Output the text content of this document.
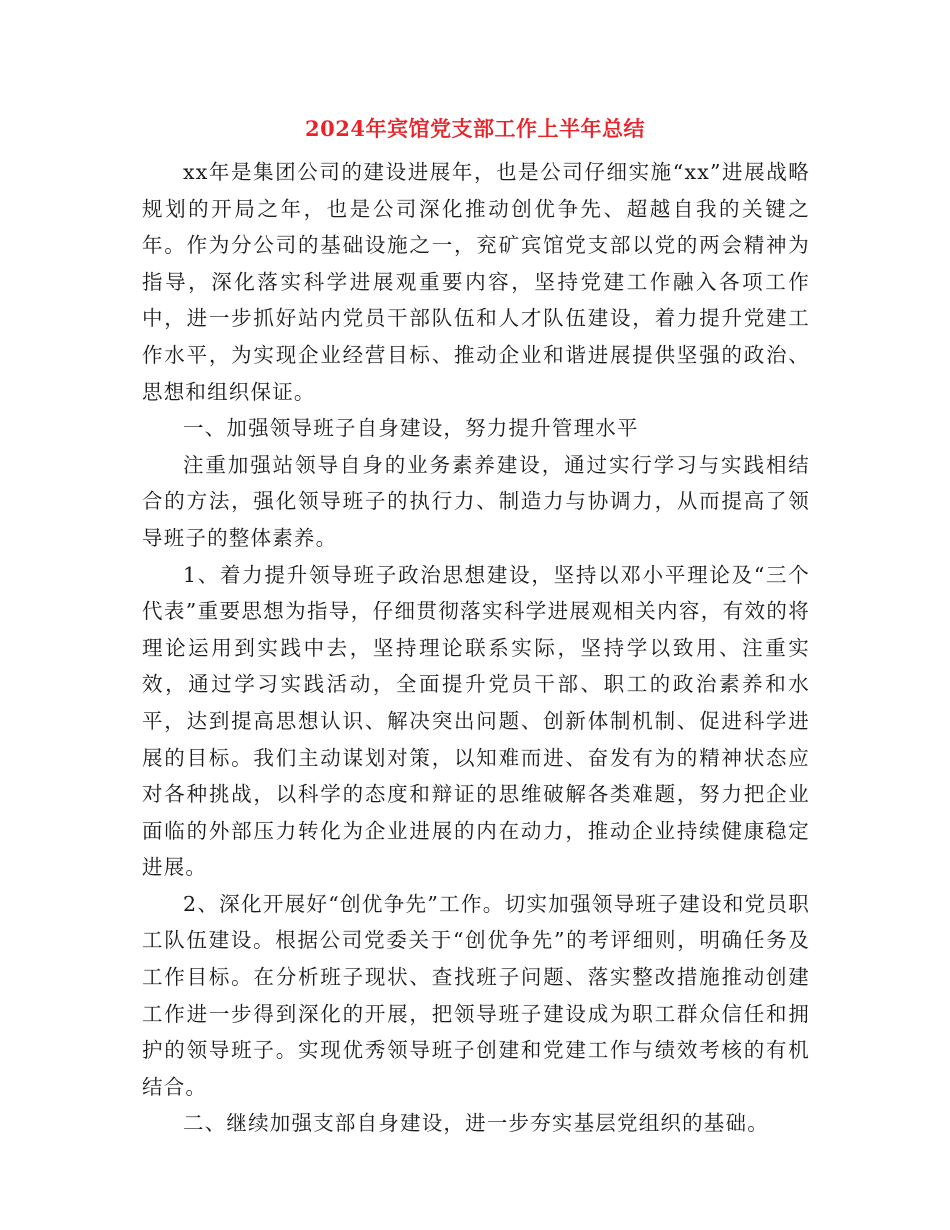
2024年宾馆党支部工作上半年总结

xx年是集团公司的建设进展年，也是公司仔细实施“xx”进展战略规划的开局之年，也是公司深化推动创优争先、超越自我的关键之年。作为分公司的基础设施之一，兖矿宾馆党支部以党的两会精神为指导，深化落实科学进展观重要内容，坚持党建工作融入各项工作中，进一步抓好站内党员干部队伍和人才队伍建设，着力提升党建工作水平，为实现企业经营目标、推动企业和谐进展提供坚强的政治、思想和组织保证。

一、加强领导班子自身建设，努力提升管理水平

注重加强站领导自身的业务素养建设，通过实行学习与实践相结合的方法，强化领导班子的执行力、制造力与协调力，从而提高了领导班子的整体素养。

1、着力提升领导班子政治思想建设，坚持以邓小平理论及“三个代表”重要思想为指导，仔细贯彻落实科学进展观相关内容，有效的将理论运用到实践中去，坚持理论联系实际，坚持学以致用、注重实效，通过学习实践活动，全面提升党员干部、职工的政治素养和水平，达到提高思想认识、解决突出问题、创新体制机制、促进科学进展的目标。我们主动谋划对策，以知难而进、奋发有为的精神状态应对各种挑战，以科学的态度和辩证的思维破解各类难题，努力把企业面临的外部压力转化为企业进展的内在动力，推动企业持续健康稳定进展。

2、深化开展好“创优争先”工作。切实加强领导班子建设和党员职工队伍建设。根据公司党委关于“创优争先”的考评细则，明确任务及工作目标。在分析班子现状、查找班子问题、落实整改措施推动创建工作进一步得到深化的开展，把领导班子建设成为职工群众信任和拥护的领导班子。实现优秀领导班子创建和党建工作与绩效考核的有机结合。

二、继续加强支部自身建设，进一步夯实基层党组织的基础。
